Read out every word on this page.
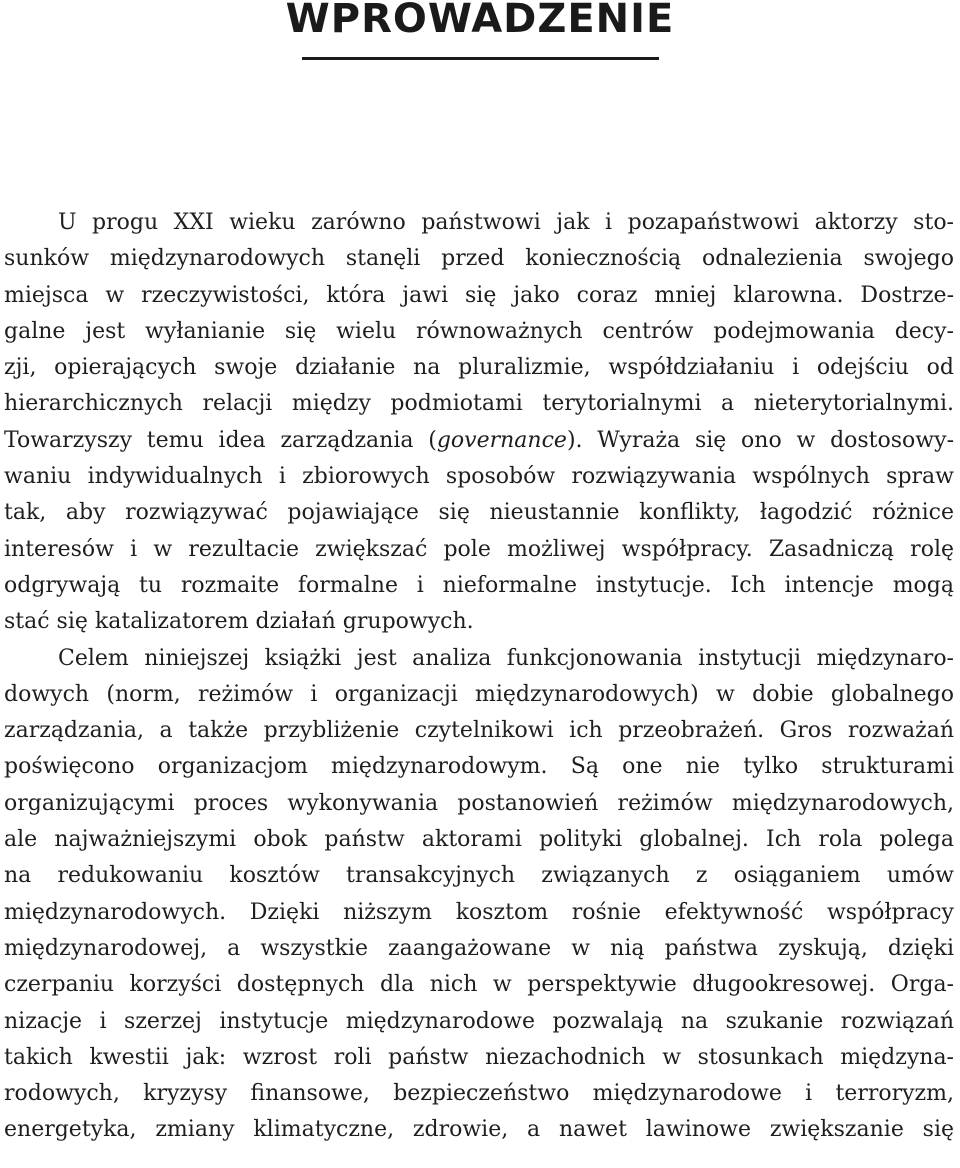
WPROWADZENIE
U progu XXI wieku zarówno państwowi jak i pozapaństwowi aktorzy sto-
sunków międzynarodowych stanęli przed koniecznością odnalezienia swojego
miejsca w rzeczywistości, która jawi się jako coraz mniej klarowna. Dostrze-
galne jest wyłanianie się wielu równoważnych centrów podejmowania decy-
zji, opierających swoje działanie na pluralizmie, współdziałaniu i odejściu od
hierarchicznych relacji między podmiotami terytorialnymi a nieterytorialnymi.
Towarzyszy temu idea zarządzania (governance). Wyraża się ono w dostosowy-
waniu indywidualnych i zbiorowych sposobów rozwiązywania wspólnych spraw
tak, aby rozwiązywać pojawiające się nieustannie konflikty, łagodzić różnice
interesów i w rezultacie zwiększać pole możliwej współpracy. Zasadniczą rolę
odgrywają tu rozmaite formalne i nieformalne instytucje. Ich intencje mogą
stać się katalizatorem działań grupowych.
Celem niniejszej książki jest analiza funkcjonowania instytucji międzynaro-
dowych (norm, reżimów i organizacji międzynarodowych) w dobie globalnego
zarządzania, a także przybliżenie czytelnikowi ich przeobrażeń. Gros rozważań
poświęcono organizacjom międzynarodowym. Są one nie tylko strukturami
organizującymi proces wykonywania postanowień reżimów międzynarodowych,
ale najważniejszymi obok państw aktorami polityki globalnej. Ich rola polega
na redukowaniu kosztów transakcyjnych związanych z osiąganiem umów
międzynarodowych. Dzięki niższym kosztom rośnie efektywność współpracy
międzynarodowej, a wszystkie zaangażowane w nią państwa zyskują, dzięki
czerpaniu korzyści dostępnych dla nich w perspektywie długookresowej. Orga-
nizacje i szerzej instytucje międzynarodowe pozwalają na szukanie rozwiązań
takich kwestii jak: wzrost roli państw niezachodnich w stosunkach międzyna-
rodowych, kryzysy finansowe, bezpieczeństwo międzynarodowe i terroryzm,
energetyka, zmiany klimatyczne, zdrowie, a nawet lawinowe zwiększanie się
